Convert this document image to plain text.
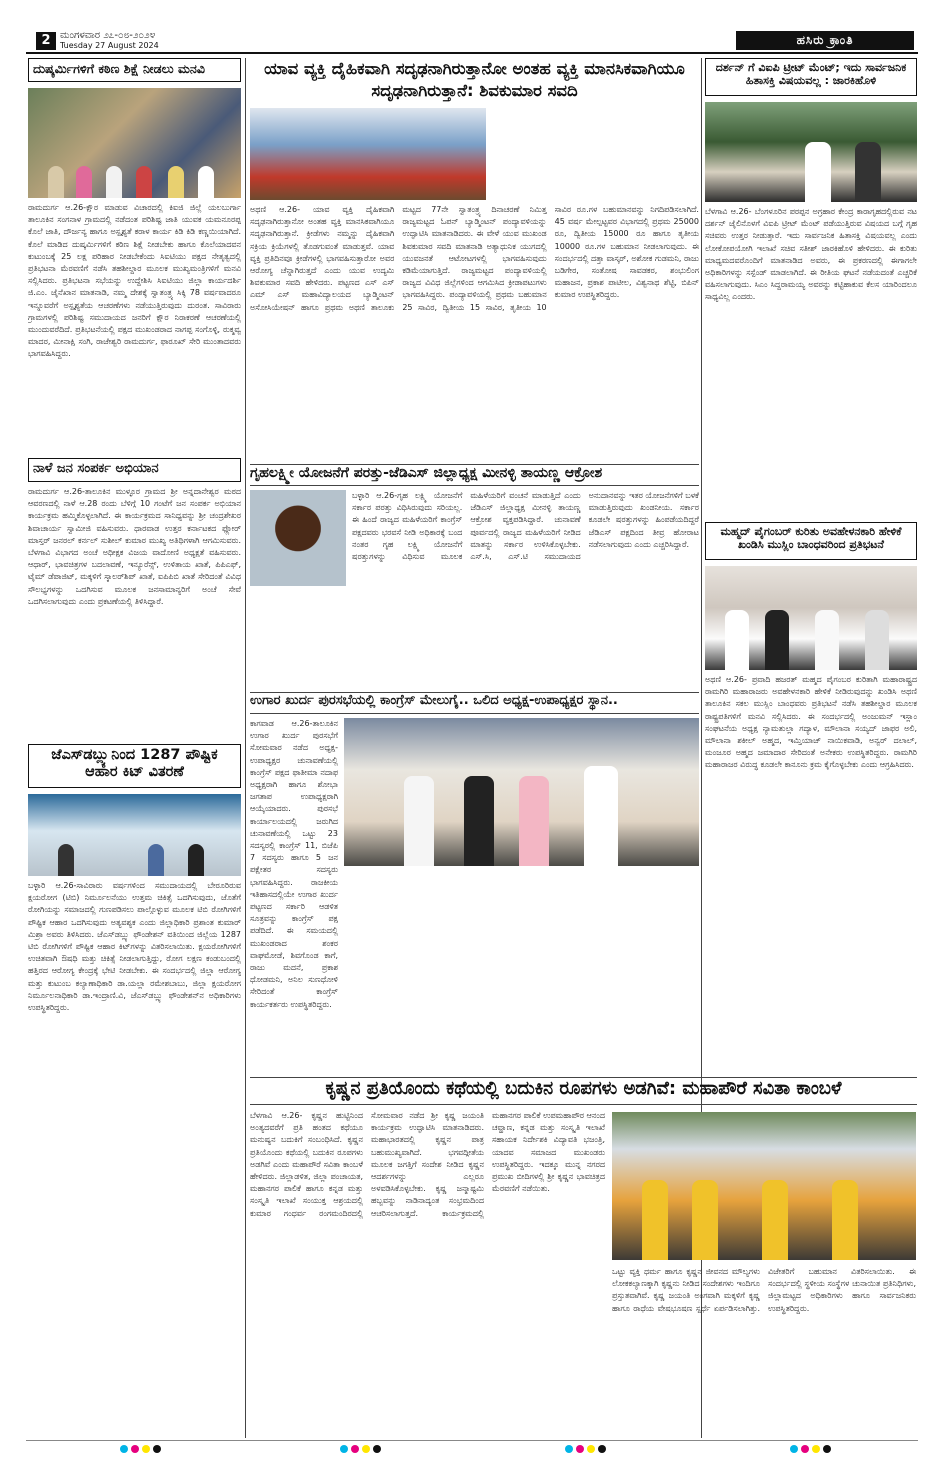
2 ಮಂಗಳವಾರ ೨೭-೦೮-೨೦೨೪
Tuesday 27 August 2024	ಹಸಿರು ಕ್ರಾಂತಿ
ದುಷ್ಕರ್ಮಿಗಳಿಗೆ ಕಠಿಣ ಶಿಕ್ಷೆ ನೀಡಲು ಮನವಿ
ರಾಮದುರ್ಗ ಆ.26-ಕ್ಷೌರ ಮಾಡುವ ವಿಚಾರದಲ್ಲಿ ಕಿಐಜಿ ಜಿಲ್ಲೆ ಯಲಬುರ್ಗಾ ತಾಲೂಕಿನ ಸಂಗನಾಳ ಗ್ರಾಮದಲ್ಲಿ ನಡೆದಂತ ಪರಿಶಿಷ್ಟ ಜಾತಿ ಯುವಕ ಯಮನೂರಪ್ಪ ಕೊಲೆ ಜಾತಿ, ದೌರ್ಜನ್ಯ ಹಾಗೂ ಅಸ್ಪೃಶ್ಯತೆ ಕರಾಳ ಕಾರ್ಯ ಕಿಡಿ ಕಿಡಿ ಕಣ್ಣಯಿಯಾಗಿದೆ. ಕೊಲೆ ಮಾಡಿದ ದುಷ್ಕರ್ಮಿಗಳಿಗೆ ಕಠಿಣ ಶಿಕ್ಷೆ ನೀಡಬೇಕು ಹಾಗೂ ಕೊಲೆಯಾದವನ ಕುಟುಂಬಕ್ಕೆ 25 ಲಕ್ಷ ಪರಿಹಾರ ನೀಡಬೇಕೆಂದು ಸಿಐಟಿಯು ಪಕ್ಷದ ನೇತೃತ್ವದಲ್ಲಿ ಪ್ರತಿಭಟನಾ ಮೆರವಣಿಗೆ ನಡೆಸಿ ತಹಶೀಲ್ದಾರ ಮೂಲಕ ಮುಖ್ಯಮಂತ್ರಿಗಳಿಗೆ ಮನವಿ ಸಲ್ಲಿಸಿದರು. ಪ್ರತಿಭಟನಾ ಸಭೆಯನ್ನು ಉದ್ದೇಶಿಸಿ ಸಿಐಟಿಯು ಜಿಲ್ಲಾ ಕಾರ್ಯದರ್ಶಿ ಜಿ.ಎಂ. ಜೈನೆಖಾನ ಮಾತನಾಡಿ, ನಮ್ಮ ದೇಶಕ್ಕೆ ಸ್ವಾತಂತ್ರ್ಯ ಸಿಕ್ಕಿ 78 ವರ್ಷವಾದರೂ ಇನ್ನೂವರೆಗೆ ಅಸ್ಪೃಶ್ಯತೆಯ ಆಚರಣೆಗಳು ನಡೆಯುತ್ತಿರುವುದು ದುರಂತ. ಸಾವಿರಾರು ಗ್ರಾಮಗಳಲ್ಲಿ ಪರಿಶಿಷ್ಟ ಸಮುದಾಯದ ಜನರಿಗೆ ಕ್ಷೌರ ನಿರಾಕರಣೆ ಆಚರಣೆಯಲ್ಲಿ ಮುಂದುವರೆದಿದೆ. ಪ್ರತಿಭಟನೆಯಲ್ಲಿ ಪಕ್ಷದ ಮುಖಂಡರಾದ ನಾಗಪ್ಪ ಸಂಗೊಳ್ಳಿ, ರುಕ್ಮವ್ವ ಮಾದರ, ಮೀನಾಕ್ಷಿ ಸಂಗಿ, ರಾಜೇಶ್ವರಿ ರಾಮದುರ್ಗ, ಫಾರೂಖ್ ಸೇರಿ ಮುಂತಾದವರು ಭಾಗವಹಿಸಿದ್ದರು.
ನಾಳೆ ಜನ ಸಂಪರ್ಕ ಅಭಿಯಾನ
ರಾಮದುರ್ಗ ಆ.26-ತಾಲೂಕಿನ ಮುಳ್ಳೂರ ಗ್ರಾಮದ ಶ್ರೀ ಅನ್ನದಾನೇಶ್ವರ ಮಠದ ಆವರಣದಲ್ಲಿ ನಾಳೆ ಆ.28 ರಂದು ಬೆಳಿಗ್ಗೆ 10 ಗಂಟೆಗೆ ಜನ ಸಂಪರ್ಕ ಅಭಿಯಾನ ಕಾರ್ಯಕ್ರಮ ಹಮ್ಮಿಕೊಳ್ಳಲಾಗಿದೆ. ಈ ಕಾರ್ಯಕ್ರಮದ ಸಾನಿಧ್ಯವನ್ನು ಶ್ರೀ ಚಂದ್ರಶೇಖರ ಶಿವಾಚಾರ್ಯ ಸ್ವಾಮೀಜಿ ವಹಿಸುವರು. ಧಾರವಾಡ ಉತ್ತರ ಕರ್ನಾಟಕದ ಫ್ಲೋರ್ ಮಾಸ್ತರ್ ಜನರಲ್ ಕರ್ನಲ್ ಸುಶೀಲ್ ಕುಮಾರ ಮುಖ್ಯ ಅತಿಥಿಗಳಾಗಿ ಆಗಮಿಸುವರು. ಬೆಳಗಾವಿ ವಿಭಾಗದ ಅಂಚೆ ಅಧೀಕ್ಷಕ ವಿಜಯ ವಾದೋಣಿ ಅಧ್ಯಕ್ಷತೆ ವಹಿಸುವರು. ಆಧಾರ್, ಭಾವಚಿತ್ರಗಳ ಬದಲಾವಣೆ, ಇನ್ಯೂರೆನ್ಸ್, ಉಳಿತಾಯ ಖಾತೆ, ಪಿಪಿಎಫ್, ಟೈಮ್ ಡೆಪಾಜಿಟ್, ಮಕ್ಕಳಿಗೆ ಸ್ಕಾಲರ್‌ಶಿಪ್ ಖಾತೆ, ಐಪಿಪಿಬಿ ಖಾತೆ ಸೇರಿದಂತೆ ವಿವಿಧ ಸೌಲಭ್ಯಗಳನ್ನು ಒದಗಿಸುವ ಮೂಲಕ ಜನಸಾಮಾನ್ಯರಿಗೆ ಅಂಚೆ ಸೇವೆ ಒದಗಿಸಲಾಗುವುದು ಎಂದು ಪ್ರಕಟಣೆಯಲ್ಲಿ ತಿಳಿಸಿದ್ದಾರೆ.
ಜೆಎಸ್‌ಡಬ್ಲ್ಯುನಿಂದ 1287 ಪೌಷ್ಟಿಕ ಆಹಾರ ಕಿಟ್ ವಿತರಣೆ
ಬಳ್ಳಾರಿ ಆ.26-ಸಾವಿರಾರು ವರ್ಷಗಳಿಂದ ಸಮುದಾಯದಲ್ಲಿ ಬೇರೂರಿರುವ ಕ್ಷಯರೋಗ (ಟಿಬಿ) ನಿರ್ಮೂಲನೆಯು ಉತ್ತಮ ಚಿಕಿತ್ಸೆ ಒದಗಿಸುವುದು, ಜೊತೆಗೆ ರೋಗಿಯನ್ನು ಸಮಾಜದಲ್ಲಿ ಗುಣಪಡಿಸಲು ಪಾಲ್ಗೊಳ್ಳುವ ಮೂಲಕ ಟಿಬಿ ರೋಗಿಗಳಿಗೆ ಪೌಷ್ಟಿಕ ಆಹಾರ ಒದಗಿಸುವುದು ಅತ್ಯವಶ್ಯಕ ಎಂದು ಜಿಲ್ಲಾಧಿಕಾರಿ ಪ್ರಶಾಂತ ಕುಮಾರ್ ಮಿಶ್ರಾ ಅವರು ತಿಳಿಸಿದರು. ಜೆಎಸ್‌ಡಬ್ಲ್ಯು ಫೌಂಡೇಶನ್ ವತಿಯಿಂದ ಜಿಲ್ಲೆಯ 1287 ಟಿಬಿ ರೋಗಿಗಳಿಗೆ ಪೌಷ್ಟಿಕ ಆಹಾರ ಕಿಟ್‌ಗಳನ್ನು ವಿತರಿಸಲಾಯಿತು. ಕ್ಷಯರೋಗಿಗಳಿಗೆ ಉಚಿತವಾಗಿ ಔಷಧಿ ಮತ್ತು ಚಿಕಿತ್ಸೆ ನೀಡಲಾಗುತ್ತಿದ್ದು, ರೋಗ ಲಕ್ಷಣ ಕಂಡುಬಂದಲ್ಲಿ ಹತ್ತಿರದ ಆರೋಗ್ಯ ಕೇಂದ್ರಕ್ಕೆ ಭೇಟಿ ನೀಡಬೇಕು. ಈ ಸಂದರ್ಭದಲ್ಲಿ ಜಿಲ್ಲಾ ಆರೋಗ್ಯ ಮತ್ತು ಕುಟುಂಬ ಕಲ್ಯಾಣಾಧಿಕಾರಿ ಡಾ.ಯಲ್ಲಾ ರಮೇಶಬಾಬು, ಜಿಲ್ಲಾ ಕ್ಷಯರೋಗ ನಿರ್ಮೂಲನಾಧಿಕಾರಿ ಡಾ.ಇಂದ್ರಾಣಿ.ವಿ, ಜೆಎಸ್‌ಡಬ್ಲ್ಯು ಫೌಂಡೇಶನ್‌ನ ಅಧಿಕಾರಿಗಳು ಉಪಸ್ಥಿತರಿದ್ದರು.
ಯಾವ ವ್ಯಕ್ತಿ ದೈಹಿಕವಾಗಿ ಸದೃಢನಾಗಿರುತ್ತಾನೋ ಅಂತಹ ವ್ಯಕ್ತಿ ಮಾನಸಿಕವಾಗಿಯೂ ಸದೃಢನಾಗಿರುತ್ತಾನೆ: ಶಿವಕುಮಾರ ಸವದಿ
ಅಥಣಿ ಆ.26- ಯಾವ ವ್ಯಕ್ತಿ ದೈಹಿಕವಾಗಿ ಸದೃಢನಾಗಿರುತ್ತಾನೋ ಅಂತಹ ವ್ಯಕ್ತಿ ಮಾನಸಿಕವಾಗಿಯೂ ಸದೃಢನಾಗಿರುತ್ತಾನೆ. ಕ್ರೀಡೆಗಳು ನಮ್ಮನ್ನು ದೈಹಿಕವಾಗಿ ಸಕ್ರಿಯ ಕ್ರಿಯೆಗಳಲ್ಲಿ ತೊಡಗುವಂತೆ ಮಾಡುತ್ತವೆ. ಯಾವ ವ್ಯಕ್ತಿ ಪ್ರತಿದಿನವೂ ಕ್ರೀಡೆಗಳಲ್ಲಿ ಭಾಗವಹಿಸುತ್ತಾರೋ ಅವರ ಆರೋಗ್ಯ ಚೆನ್ನಾಗಿರುತ್ತದೆ ಎಂದು ಯುವ ಉದ್ಯಮಿ ಶಿವಕುಮಾರ ಸವದಿ ಹೇಳಿದರು. ಪಟ್ಟಣದ ಎಸ್ ಎಸ್ ಎಮ್ ಎಸ್ ಮಹಾವಿದ್ಯಾಲಯದ ಬ್ಯಾಡ್ಮಿಂಟನ್ ಅಸೋಸಿಯೇಷನ್ ಹಾಗೂ ಪ್ರಥಮ ಅಥಣಿ ತಾಲೂಕು ಮಟ್ಟದ 77ನೇ ಸ್ವಾತಂತ್ರ್ಯ ದಿನಾಚರಣೆ ನಿಮಿತ್ತ ರಾಜ್ಯಮಟ್ಟದ ಓಪನ್ ಬ್ಯಾಡ್ಮಿಂಟನ್ ಪಂದ್ಯಾವಳಿಯನ್ನು ಉದ್ಘಾಟಿಸಿ ಮಾತನಾಡಿದರು. ಈ ವೇಳೆ ಯುವ ಮುಖಂಡ ಶಿವಕುಮಾರ ಸವದಿ ಮಾತನಾಡಿ ಅತ್ಯಾಧುನಿಕ ಯುಗದಲ್ಲಿ ಯುವಜನತೆ ಆಟೋಟಗಳಲ್ಲಿ ಭಾಗವಹಿಸುವುದು ಕಡಿಮೆಯಾಗುತ್ತಿದೆ. ರಾಜ್ಯಮಟ್ಟದ ಪಂದ್ಯಾವಳಿಯಲ್ಲಿ ರಾಜ್ಯದ ವಿವಿಧ ಜಿಲ್ಲೆಗಳಿಂದ ಆಗಮಿಸಿದ ಕ್ರೀಡಾಪಟುಗಳು ಭಾಗವಹಿಸಿದ್ದರು. ಪಂದ್ಯಾವಳಿಯಲ್ಲಿ ಪ್ರಥಮ ಬಹುಮಾನ 25 ಸಾವಿರ, ದ್ವಿತೀಯ 15 ಸಾವಿರ, ತೃತೀಯ 10 ಸಾವಿರ ರೂ.ಗಳ ಬಹುಮಾನವನ್ನು ನಿಗದಿಪಡಿಸಲಾಗಿದೆ. 45 ವರ್ಷ ಮೇಲ್ಪಟ್ಟವರ ವಿಭಾಗದಲ್ಲಿ ಪ್ರಥಮ 25000 ರೂ, ದ್ವಿತೀಯ 15000 ರೂ ಹಾಗೂ ತೃತೀಯ 10000 ರೂ.ಗಳ ಬಹುಮಾನ ನೀಡಲಾಗುವುದು. ಈ ಸಂದರ್ಭದಲ್ಲಿ ದತ್ತಾ ವಾಸ್ಕರ್, ಅಶೋಕ ಗುಡಮನಿ, ರಾಜು ಬಡಿಗೇರ, ಸಂತೋಷ ಸಾವಡಕರ, ಶಂಭುಲಿಂಗ ಮಹಾಜನ, ಪ್ರಕಾಶ ಪಾಟೀಲ, ವಿಶ್ವನಾಥ ಶೆಟ್ಟಿ, ಬಿಪಿನ್ ಕುಮಾರ ಉಪಸ್ಥಿತರಿದ್ದರು.
ಗೃಹಲಕ್ಷ್ಮೀ ಯೋಜನೆಗೆ ಪರತ್ತು-ಜೆಡಿಎಸ್ ಜಿಲ್ಲಾಧ್ಯಕ್ಷ ಮೀನಳ್ಳಿ ತಾಯಣ್ಣ ಆಕ್ರೋಶ
ಬಳ್ಳಾರಿ ಆ.26-ಗೃಹ ಲಕ್ಷ್ಮಿ ಯೋಜನೆಗೆ ಸರ್ಕಾರ ಪರತ್ತು ವಿಧಿಸಿರುವುದು ಸರಿಯಲ್ಲ. ಈ ಹಿಂದೆ ರಾಜ್ಯದ ಮಹಿಳೆಯರಿಗೆ ಕಾಂಗ್ರೆಸ್ ಪಕ್ಷದವರು ಭರವಸೆ ನೀಡಿ ಅಧಿಕಾರಕ್ಕೆ ಬಂದ ನಂತರ ಗೃಹ ಲಕ್ಷ್ಮಿ ಯೋಜನೆಗೆ ಷರತ್ತುಗಳನ್ನು ವಿಧಿಸುವ ಮೂಲಕ ಮಹಿಳೆಯರಿಗೆ ವಂಚನೆ ಮಾಡುತ್ತಿದೆ ಎಂದು ಜೆಡಿಎಸ್ ಜಿಲ್ಲಾಧ್ಯಕ್ಷ ಮೀನಳ್ಳಿ ತಾಯಣ್ಣ ಆಕ್ರೋಶ ವ್ಯಕ್ತಪಡಿಸಿದ್ದಾರೆ. ಚುನಾವಣೆ ಪೂರ್ವದಲ್ಲಿ ರಾಜ್ಯದ ಮಹಿಳೆಯರಿಗೆ ನೀಡಿದ ಮಾತನ್ನು ಸರ್ಕಾರ ಉಳಿಸಿಕೊಳ್ಳಬೇಕು. ಎಸ್.ಸಿ, ಎಸ್.ಟಿ ಸಮುದಾಯದ ಅನುದಾನವನ್ನು ಇತರ ಯೋಜನೆಗಳಿಗೆ ಬಳಕೆ ಮಾಡುತ್ತಿರುವುದು ಖಂಡನೀಯ. ಸರ್ಕಾರ ಕೂಡಲೇ ಷರತ್ತುಗಳನ್ನು ಹಿಂಪಡೆಯದಿದ್ದರೆ ಜೆಡಿಎಸ್ ಪಕ್ಷದಿಂದ ತೀವ್ರ ಹೋರಾಟ ನಡೆಸಲಾಗುವುದು ಎಂದು ಎಚ್ಚರಿಸಿದ್ದಾರೆ.
ಉಗಾರ ಖುರ್ದ ಪುರಸಭೆಯಲ್ಲಿ ಕಾಂಗ್ರೆಸ್ ಮೇಲುಗೈ.. ಒಲಿದ ಅಧ್ಯಕ್ಷ-ಉಪಾಧ್ಯಕ್ಷರ ಸ್ಥಾನ..
ಕಾಗವಾಡ ಆ.26-ತಾಲೂಕಿನ ಉಗಾರ ಖುರ್ದ ಪುರಸಭೆಗೆ ಸೋಮವಾರ ನಡೆದ ಅಧ್ಯಕ್ಷ-ಉಪಾಧ್ಯಕ್ಷರ ಚುನಾವಣೆಯಲ್ಲಿ ಕಾಂಗ್ರೆಸ್ ಪಕ್ಷದ ಫಾತೀಮಾ ನದಾಫ ಅಧ್ಯಕ್ಷರಾಗಿ ಹಾಗೂ ಶೋಭಾ ಜಗತಾಪ ಉಪಾಧ್ಯಕ್ಷರಾಗಿ ಆಯ್ಕೆಯಾದರು. ಪುರಸಭೆ ಕಾರ್ಯಾಲಯದಲ್ಲಿ ಜರುಗಿದ ಚುನಾವಣೆಯಲ್ಲಿ ಒಟ್ಟು 23 ಸದಸ್ಯರಲ್ಲಿ ಕಾಂಗ್ರೆಸ್ 11, ಬಿಜೆಪಿ 7 ಸದಸ್ಯರು ಹಾಗೂ 5 ಜನ ಪಕ್ಷೇತರ ಸದಸ್ಯರು ಭಾಗವಹಿಸಿದ್ದರು. ರಾಜಕೀಯ ಇತಿಹಾಸದಲ್ಲಿಯೇ ಉಗಾರ ಖುರ್ದ ಪಟ್ಟಣದ ಸರ್ಕಾರಿ ಆಡಳಿತ ಸೂತ್ರವನ್ನು ಕಾಂಗ್ರೆಸ್ ಪಕ್ಷ ಪಡೆದಿದೆ. ಈ ಸಮಯದಲ್ಲಿ ಮುಖಂಡರಾದ ಶಂಕರ ವಾಘಮೋಡೆ, ಶಿವಗೊಂಡ ಕಾಗೆ, ರಾಜು ಮದನೆ, ಪ್ರಕಾಶ ಧೋಡಮನಿ, ಅನಿಲ ಸುಣಧೋಳಿ ಸೇರಿದಂತೆ ಕಾಂಗ್ರೆಸ್ ಕಾರ್ಯಕರ್ತರು ಉಪಸ್ಥಿತರಿದ್ದರು.
ಕೃಷ್ಣನ ಪ್ರತಿಯೊಂದು ಕಥೆಯಲ್ಲಿ ಬದುಕಿನ ರೂಪಗಳು ಅಡಗಿವೆ: ಮಹಾಪೌರೆ ಸವಿತಾ ಕಾಂಬಳೆ
ಬೆಳಗಾವಿ ಆ.26- ಕೃಷ್ಣನ ಹುಟ್ಟಿನಿಂದ ಅಂತ್ಯದವರೆಗೆ ಪ್ರತಿ ಹಂತದ ಕಥೆಯೂ ಮನುಷ್ಯನ ಬದುಕಿಗೆ ಸಂಬಂಧಿಸಿದೆ. ಕೃಷ್ಣನ ಪ್ರತಿಯೊಂದು ಕಥೆಯಲ್ಲಿ ಬದುಕಿನ ರೂಪಗಳು ಅಡಗಿವೆ ಎಂದು ಮಹಾಪೌರೆ ಸವಿತಾ ಕಾಂಬಳೆ ಹೇಳಿದರು. ಜಿಲ್ಲಾಡಳಿತ, ಜಿಲ್ಲಾ ಪಂಚಾಯತ, ಮಹಾನಗರ ಪಾಲಿಕೆ ಹಾಗೂ ಕನ್ನಡ ಮತ್ತು ಸಂಸ್ಕೃತಿ ಇಲಾಖೆ ಸಂಯುಕ್ತ ಆಶ್ರಯದಲ್ಲಿ ಕುಮಾರ ಗಂಧರ್ವ ರಂಗಮಂದಿರದಲ್ಲಿ ಸೋಮವಾರ ನಡೆದ ಶ್ರೀ ಕೃಷ್ಣ ಜಯಂತಿ ಕಾರ್ಯಕ್ರಮ ಉದ್ಘಾಟಿಸಿ ಮಾತನಾಡಿದರು. ಮಹಾಭಾರತದಲ್ಲಿ ಕೃಷ್ಣನ ಪಾತ್ರ ಬಹುಮುಖ್ಯವಾಗಿದೆ. ಭಗವದ್ಗೀತೆಯ ಮೂಲಕ ಜಗತ್ತಿಗೆ ಸಂದೇಶ ನೀಡಿದ ಕೃಷ್ಣನ ಆದರ್ಶಗಳನ್ನು ಎಲ್ಲರೂ ಅಳವಡಿಸಿಕೊಳ್ಳಬೇಕು. ಕೃಷ್ಣ ಜನ್ಮಾಷ್ಟಮಿ ಹಬ್ಬವನ್ನು ನಾಡಿನಾದ್ಯಂತ ಸಂಭ್ರಮದಿಂದ ಆಚರಿಸಲಾಗುತ್ತದೆ. ಕಾರ್ಯಕ್ರಮದಲ್ಲಿ ಮಹಾನಗರ ಪಾಲಿಕೆ ಉಪಮಹಾಪೌರ ಆನಂದ ಚವ್ಹಾಣ, ಕನ್ನಡ ಮತ್ತು ಸಂಸ್ಕೃತಿ ಇಲಾಖೆ ಸಹಾಯಕ ನಿರ್ದೇಶಕಿ ವಿದ್ಯಾವತಿ ಭಜಂತ್ರಿ, ಯಾದವ ಸಮಾಜದ ಮುಖಂಡರು ಉಪಸ್ಥಿತರಿದ್ದರು. ಇದಕ್ಕೂ ಮುನ್ನ ನಗರದ ಪ್ರಮುಖ ಬೀದಿಗಳಲ್ಲಿ ಶ್ರೀ ಕೃಷ್ಣನ ಭಾವಚಿತ್ರದ ಮೆರವಣಿಗೆ ನಡೆಯಿತು.
ಒಟ್ಟು ವ್ಯಕ್ತಿ ಧರ್ಮ ಹಾಗೂ ಕೃಷ್ಣನ ಜೀವನದ ಮೌಲ್ಯಗಳು ಲೋಕಕಲ್ಯಾಣಕ್ಕಾಗಿ ಕೃಷ್ಣನು ನೀಡಿದ ಸಂದೇಶಗಳು ಇಂದಿಗೂ ಪ್ರಸ್ತುತವಾಗಿವೆ. ಕೃಷ್ಣ ಜಯಂತಿ ಅಂಗವಾಗಿ ಮಕ್ಕಳಿಗೆ ಕೃಷ್ಣ ಹಾಗೂ ರಾಧೆಯ ವೇಷಭೂಷಣ ಸ್ಪರ್ಧೆ ಏರ್ಪಡಿಸಲಾಗಿತ್ತು. ವಿಜೇತರಿಗೆ ಬಹುಮಾನ ವಿತರಿಸಲಾಯಿತು. ಈ ಸಂದರ್ಭದಲ್ಲಿ ಸ್ಥಳೀಯ ಸಂಸ್ಥೆಗಳ ಚುನಾಯಿತ ಪ್ರತಿನಿಧಿಗಳು, ಜಿಲ್ಲಾಮಟ್ಟದ ಅಧಿಕಾರಿಗಳು ಹಾಗೂ ಸಾರ್ವಜನಿಕರು ಉಪಸ್ಥಿತರಿದ್ದರು.
ದರ್ಶನ್ ಗೆ ವಿಐಪಿ ಟ್ರೀಟ್ ಮೆಂಟ್; ಇದು ಸಾರ್ವಜನಿಕ ಹಿತಾಸಕ್ತಿ ವಿಷಯವಲ್ಲ : ಜಾರಕಿಹೊಳಿ
ಬೆಳಗಾವಿ ಆ.26- ಬೆಂಗಳೂರಿನ ಪರಪ್ಪನ ಅಗ್ರಹಾರ ಕೇಂದ್ರ ಕಾರಾಗೃಹದಲ್ಲಿರುವ ನಟ ದರ್ಶನ್ ಜೈಲಿನೊಳಗೆ ವಿಐಪಿ ಟ್ರೀಟ್ ಮೆಂಟ್ ಪಡೆಯುತ್ತಿರುವ ವಿಷಯದ ಬಗ್ಗೆ ಗೃಹ ಸಚಿವರು ಉತ್ತರ ನೀಡುತ್ತಾರೆ. ಇದು ಸಾರ್ವಜನಿಕ ಹಿತಾಸಕ್ತಿ ವಿಷಯವಲ್ಲ ಎಂದು ಲೋಕೋಪಯೋಗಿ ಇಲಾಖೆ ಸಚಿವ ಸತೀಶ್ ಜಾರಕಿಹೊಳಿ ಹೇಳಿದರು. ಈ ಕುರಿತು ಮಾಧ್ಯಮದವರೊಂದಿಗೆ ಮಾತನಾಡಿದ ಅವರು, ಈ ಪ್ರಕರಣದಲ್ಲಿ ಈಗಾಗಲೇ ಅಧಿಕಾರಿಗಳನ್ನು ಸಸ್ಪೆಂಡ್ ಮಾಡಲಾಗಿದೆ. ಈ ರೀತಿಯ ಘಟನೆ ನಡೆಯದಂತೆ ಎಚ್ಚರಿಕೆ ವಹಿಸಲಾಗುವುದು. ಸಿಎಂ ಸಿದ್ದರಾಮಯ್ಯ ಅವರನ್ನು ಕಟ್ಟಿಹಾಕುವ ಕೆಲಸ ಯಾರಿಂದಲೂ ಸಾಧ್ಯವಿಲ್ಲ ಎಂದರು.
ಮಹ್ಮದ್ ಪೈಗಂಬರ್ ಕುರಿತು ಅವಹೇಳನಕಾರಿ ಹೇಳಿಕೆ ಖಂಡಿಸಿ ಮುಸ್ಲಿಂ ಬಾಂಧವರಿಂದ ಪ್ರತಿಭಟನೆ
ಅಥಣಿ ಆ.26- ಪ್ರವಾದಿ ಹಜರತ್ ಮಹ್ಮದ ಪೈಗಂಬರ ಕುರಿತಾಗಿ ಮಹಾರಾಷ್ಟ್ರದ ರಾಮಗಿರಿ ಮಹಾರಾಜರು ಅವಹೇಳನಕಾರಿ ಹೇಳಿಕೆ ನೀಡಿರುವುದನ್ನು ಖಂಡಿಸಿ ಅಥಣಿ ತಾಲೂಕಿನ ಸಕಲ ಮುಸ್ಲಿಂ ಬಾಂಧವರು ಪ್ರತಿಭಟನೆ ನಡೆಸಿ ತಹಶೀಲ್ದಾರ ಮೂಲಕ ರಾಷ್ಟ್ರಪತಿಗಳಿಗೆ ಮನವಿ ಸಲ್ಲಿಸಿದರು. ಈ ಸಂದರ್ಭದಲ್ಲಿ ಅಂಜುಮನ್ ಇಸ್ಲಾಂ ಸಂಘಟನೆಯ ಅಧ್ಯಕ್ಷ ನ್ಯಾಮತುಲ್ಲಾ ಗದ್ಯಾಳ, ಮೌಲಾನಾ ಸಯ್ಯದ್ ಜಾಫರ ಅಲಿ, ಮೌಲಾನಾ ಶಕೀಲ್ ಅಹ್ಮದ, ಇಮ್ತಿಯಾಜ್ ನಾಯಿಕವಾಡಿ, ಅನ್ವರ್ ದಲಾಲ್, ಮಂಜೂರ ಅಹ್ಮದ ಜಮಾದಾರ ಸೇರಿದಂತೆ ಅನೇಕರು ಉಪಸ್ಥಿತರಿದ್ದರು. ರಾಮಗಿರಿ ಮಹಾರಾಜರ ವಿರುದ್ಧ ಕೂಡಲೇ ಕಾನೂನು ಕ್ರಮ ಕೈಗೊಳ್ಳಬೇಕು ಎಂದು ಆಗ್ರಹಿಸಿದರು.
